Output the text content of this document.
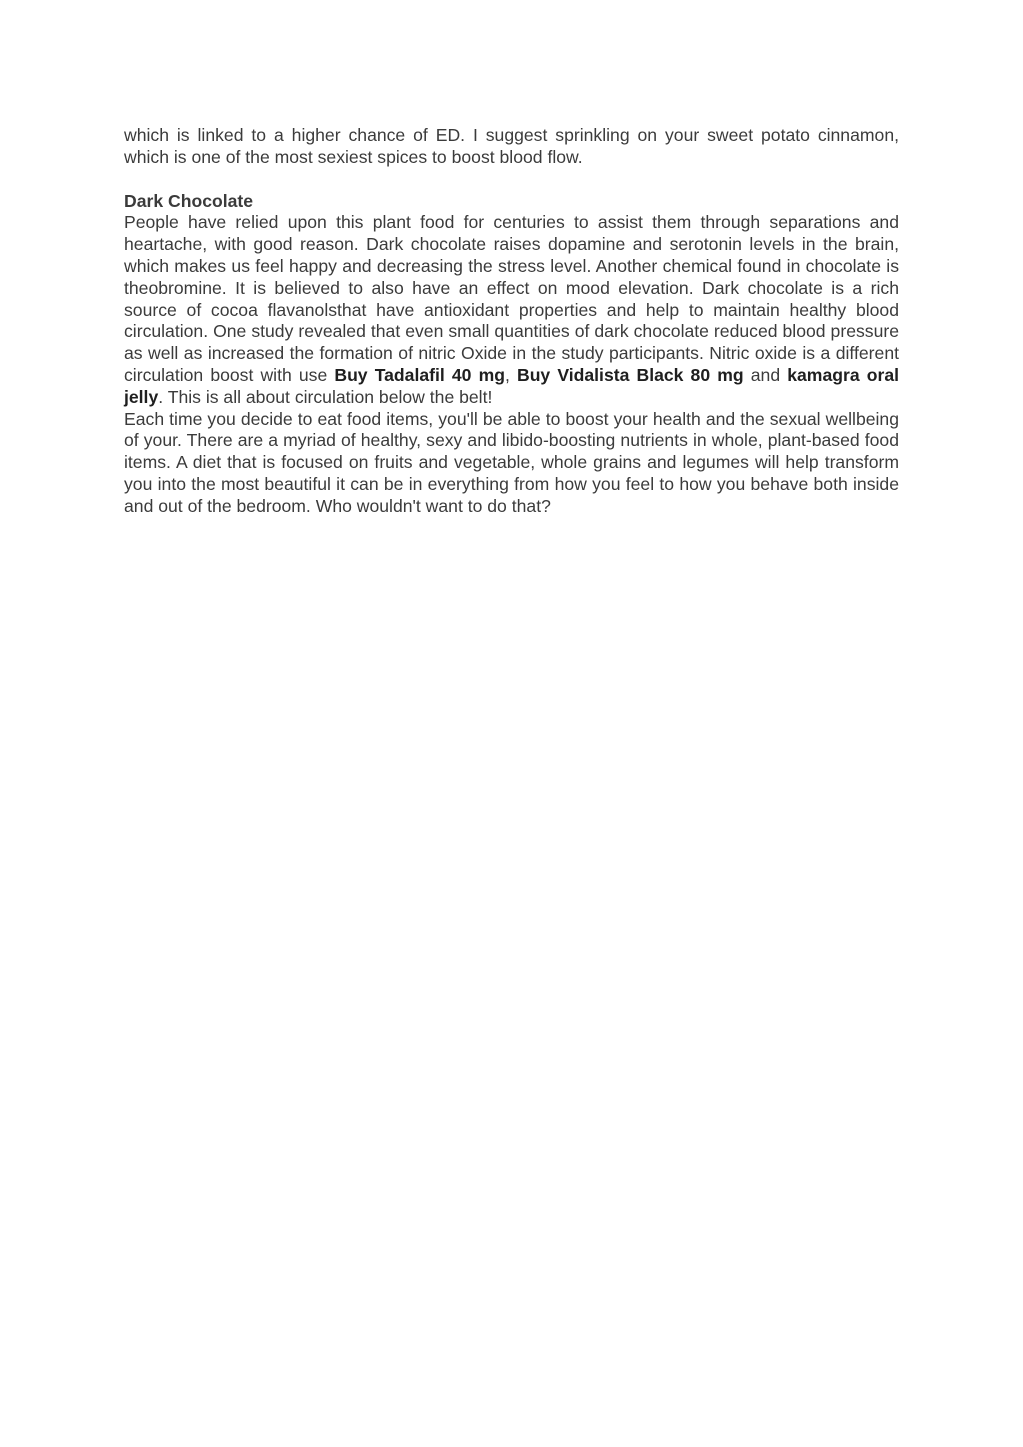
which is linked to a higher chance of ED. I suggest sprinkling on your sweet potato cinnamon, which is one of the most sexiest spices to boost blood flow.

Dark Chocolate

People have relied upon this plant food for centuries to assist them through separations and heartache, with good reason. Dark chocolate raises dopamine and serotonin levels in the brain, which makes us feel happy and decreasing the stress level. Another chemical found in chocolate is theobromine. It is believed to also have an effect on mood elevation. Dark chocolate is a rich source of cocoa flavanolsthat have antioxidant properties and help to maintain healthy blood circulation. One study revealed that even small quantities of dark chocolate reduced blood pressure as well as increased the formation of nitric Oxide in the study participants. Nitric oxide is a different circulation boost with use Buy Tadalafil 40 mg, Buy Vidalista Black 80 mg and kamagra oral jelly. This is all about circulation below the belt!

Each time you decide to eat food items, you'll be able to boost your health and the sexual wellbeing of your. There are a myriad of healthy, sexy and libido-boosting nutrients in whole, plant-based food items. A diet that is focused on fruits and vegetable, whole grains and legumes will help transform you into the most beautiful it can be in everything from how you feel to how you behave both inside and out of the bedroom. Who wouldn't want to do that?
